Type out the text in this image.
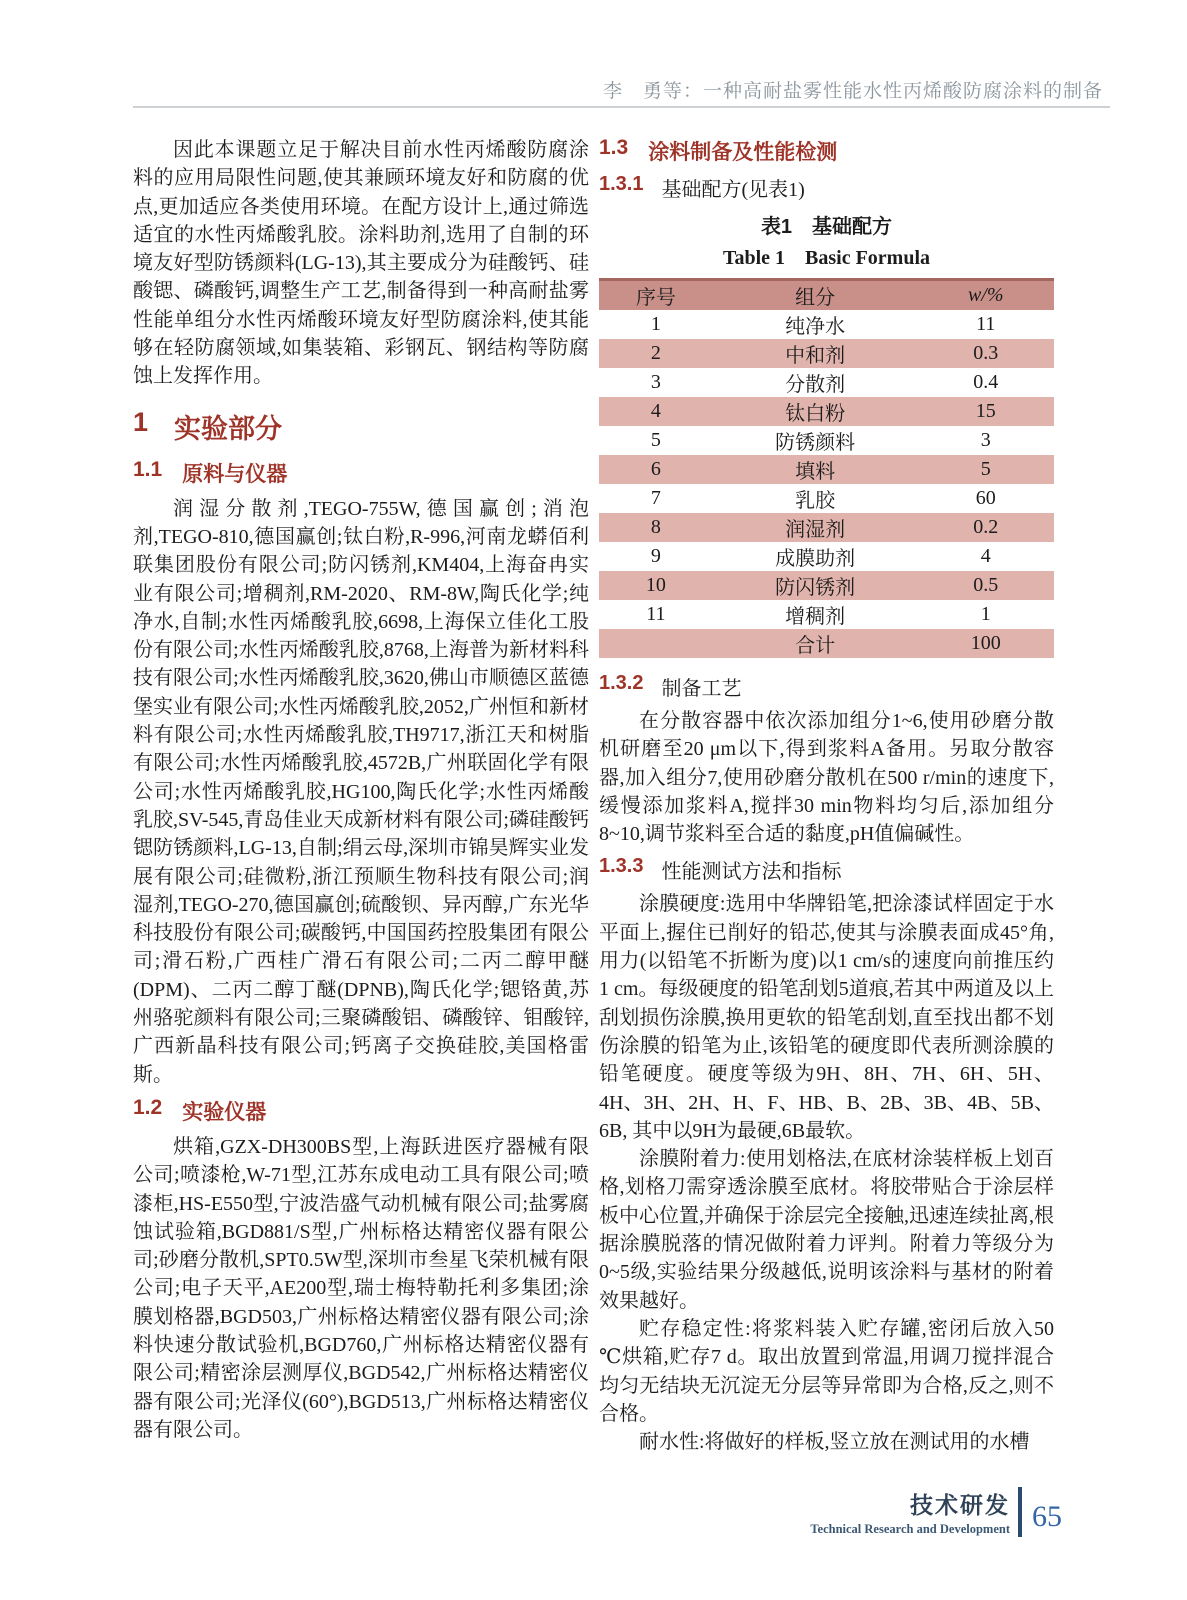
李　勇等：一种高耐盐雾性能水性丙烯酸防腐涂料的制备

因此本课题立足于解决目前水性丙烯酸防腐涂料的应用局限性问题,使其兼顾环境友好和防腐的优点,更加适应各类使用环境。在配方设计上,通过筛选适宜的水性丙烯酸乳胶。涂料助剂,选用了自制的环境友好型防锈颜料(LG-13),其主要成分为硅酸钙、硅酸锶、磷酸钙,调整生产工艺,制备得到一种高耐盐雾性能单组分水性丙烯酸环境友好型防腐涂料,使其能够在轻防腐领域,如集装箱、彩钢瓦、钢结构等防腐蚀上发挥作用。

1 实验部分
1.1 原料与仪器

润湿分散剂,TEGO-755W,德国赢创;消泡剂,TEGO-810,德国赢创;钛白粉,R-996,河南龙蟒佰利联集团股份有限公司;防闪锈剂,KM404,上海奋冉实业有限公司;增稠剂,RM-2020、RM-8W,陶氏化学;纯净水,自制;水性丙烯酸乳胶,6698,上海保立佳化工股份有限公司;水性丙烯酸乳胶,8768,上海普为新材料科技有限公司;水性丙烯酸乳胶,3620,佛山市顺德区蓝德堡实业有限公司;水性丙烯酸乳胶,2052,广州恒和新材料有限公司;水性丙烯酸乳胶,TH9717,浙江天和树脂有限公司;水性丙烯酸乳胶,4572B,广州联固化学有限公司;水性丙烯酸乳胶,HG100,陶氏化学;水性丙烯酸乳胶,SV-545,青岛佳业天成新材料有限公司;磷硅酸钙锶防锈颜料,LG-13,自制;绢云母,深圳市锦昊辉实业发展有限公司;硅微粉,浙江预顺生物科技有限公司;润湿剂,TEGO-270,德国赢创;硫酸钡、异丙醇,广东光华科技股份有限公司;碳酸钙,中国国药控股集团有限公司;滑石粉,广西桂广滑石有限公司;二丙二醇甲醚(DPM)、二丙二醇丁醚(DPNB),陶氏化学;锶铬黄,苏州骆驼颜料有限公司;三聚磷酸铝、磷酸锌、钼酸锌,广西新晶科技有限公司;钙离子交换硅胶,美国格雷斯。

1.2 实验仪器

烘箱,GZX-DH300BS型,上海跃进医疗器械有限公司;喷漆枪,W-71型,江苏东成电动工具有限公司;喷漆柜,HS-E550型,宁波浩盛气动机械有限公司;盐雾腐蚀试验箱,BGD881/S型,广州标格达精密仪器有限公司;砂磨分散机,SPT0.5W型,深圳市叁星飞荣机械有限公司;电子天平,AE200型,瑞士梅特勒托利多集团;涂膜划格器,BGD503,广州标格达精密仪器有限公司;涂料快速分散试验机,BGD760,广州标格达精密仪器有限公司;精密涂层测厚仪,BGD542,广州标格达精密仪器有限公司;光泽仪(60°),BGD513,广州标格达精密仪器有限公司。

1.3 涂料制备及性能检测
1.3.1 基础配方(见表1)
表1　基础配方
Table 1　Basic Formula
序号	组分	w/%
1	纯净水	11
2	中和剂	0.3
3	分散剂	0.4
4	钛白粉	15
5	防锈颜料	3
6	填料	5
7	乳胶	60
8	润湿剂	0.2
9	成膜助剂	4
10	防闪锈剂	0.5
11	增稠剂	1
	合计	100
1.3.2 制备工艺

在分散容器中依次添加组分1~6,使用砂磨分散机研磨至20 μm以下,得到浆料A备用。另取分散容器,加入组分7,使用砂磨分散机在500 r/min的速度下,缓慢添加浆料A,搅拌30 min物料均匀后,添加组分8~10,调节浆料至合适的黏度,pH值偏碱性。

1.3.3 性能测试方法和指标

涂膜硬度:选用中华牌铅笔,把涂漆试样固定于水平面上,握住已削好的铅芯,使其与涂膜表面成45°角,用力(以铅笔不折断为度)以1 cm/s的速度向前推压约1 cm。每级硬度的铅笔刮划5道痕,若其中两道及以上刮划损伤涂膜,换用更软的铅笔刮划,直至找出都不划伤涂膜的铅笔为止,该铅笔的硬度即代表所测涂膜的铅笔硬度。硬度等级为9H、8H、7H、6H、5H、4H、3H、2H、H、F、HB、B、2B、3B、4B、5B、6B, 其中以9H为最硬,6B最软。

涂膜附着力:使用划格法,在底材涂装样板上划百格,划格刀需穿透涂膜至底材。将胶带贴合于涂层样板中心位置,并确保于涂层完全接触,迅速连续扯离,根据涂膜脱落的情况做附着力评判。附着力等级分为0~5级,实验结果分级越低,说明该涂料与基材的附着效果越好。

贮存稳定性:将浆料装入贮存罐,密闭后放入50 ℃烘箱,贮存7 d。取出放置到常温,用调刀搅拌混合均匀无结块无沉淀无分层等异常即为合格,反之,则不合格。

耐水性:将做好的样板,竖立放在测试用的水槽

技术研发
Technical Research and Development 65
